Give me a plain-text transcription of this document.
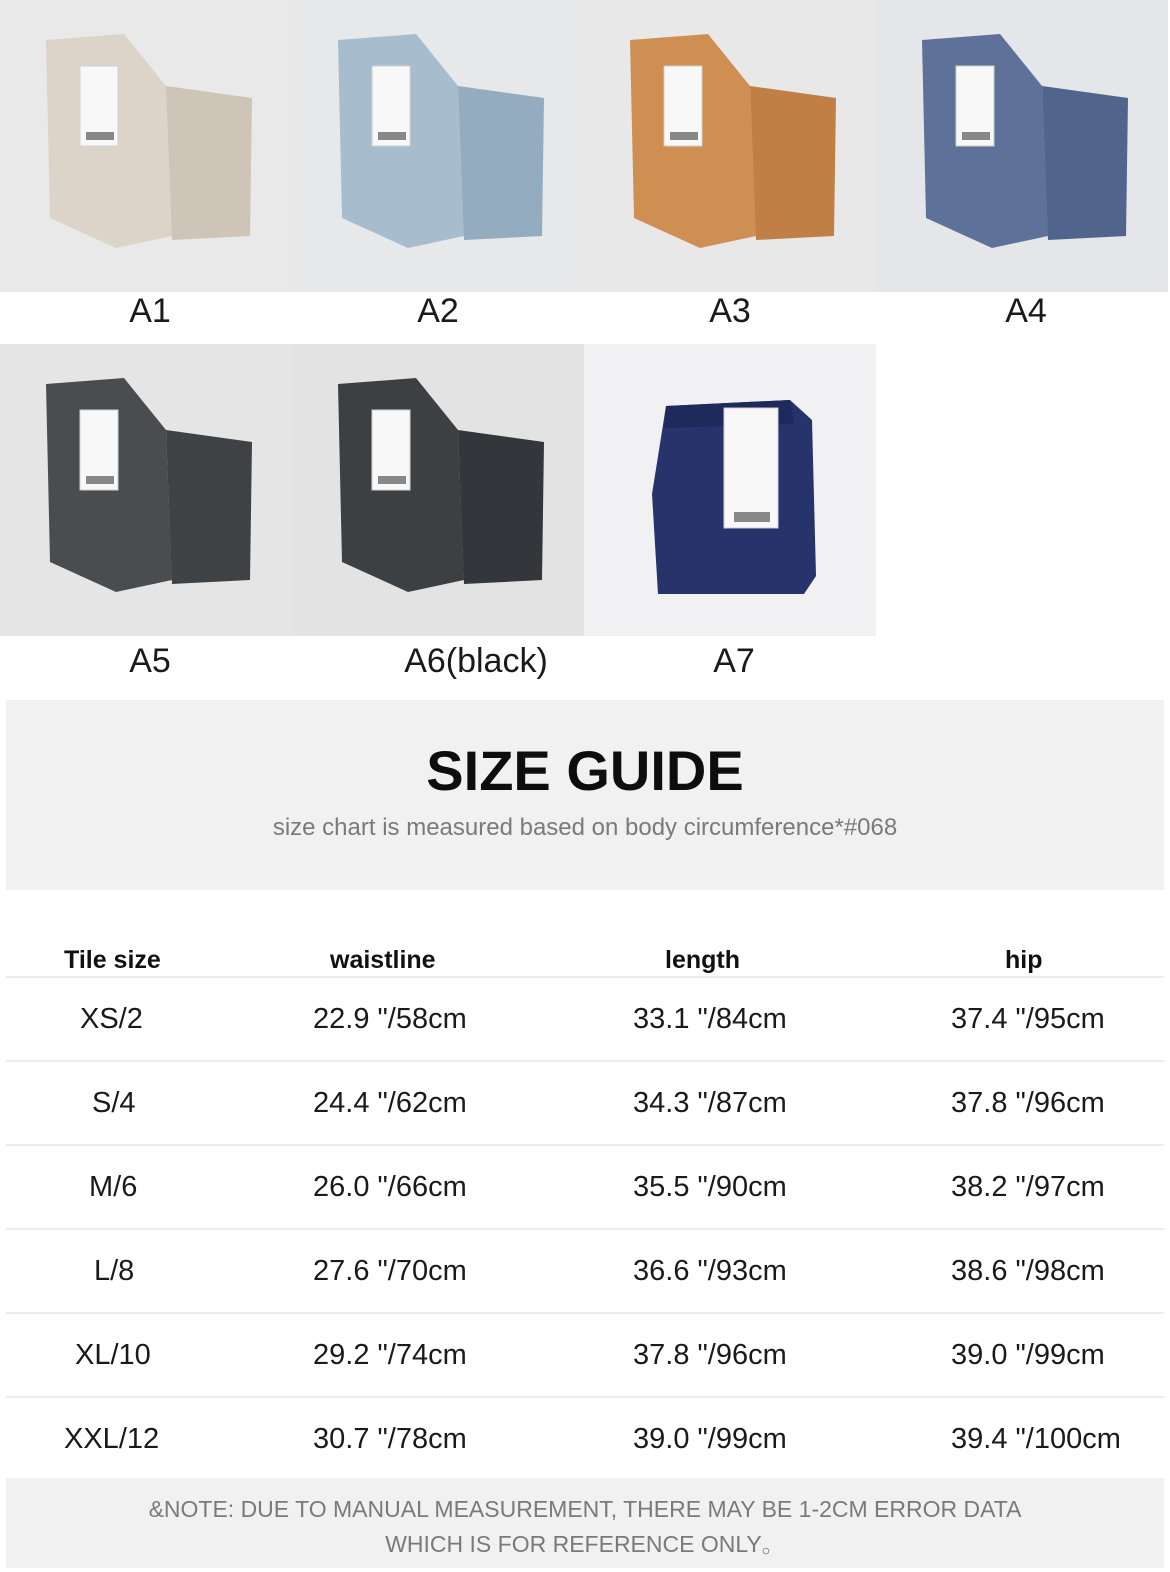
A1	A2	A3	A4
A5	A6(black)	A7
SIZE GUIDE
size chart is measured based on body circumference*#068
Tile size	waistline	length	hip
XS/2	22.9 "/58cm	33.1 "/84cm	37.4 "/95cm
S/4	24.4 "/62cm	34.3 "/87cm	37.8 "/96cm
M/6	26.0 "/66cm	35.5 "/90cm	38.2 "/97cm
L/8	27.6 "/70cm	36.6 "/93cm	38.6 "/98cm
XL/10	29.2 "/74cm	37.8 "/96cm	39.0 "/99cm
XXL/12	30.7 "/78cm	39.0 "/99cm	39.4 "/100cm
&NOTE: DUE TO MANUAL MEASUREMENT, THERE MAY BE 1-2CM ERROR DATA
WHICH IS FOR REFERENCE ONLY。
